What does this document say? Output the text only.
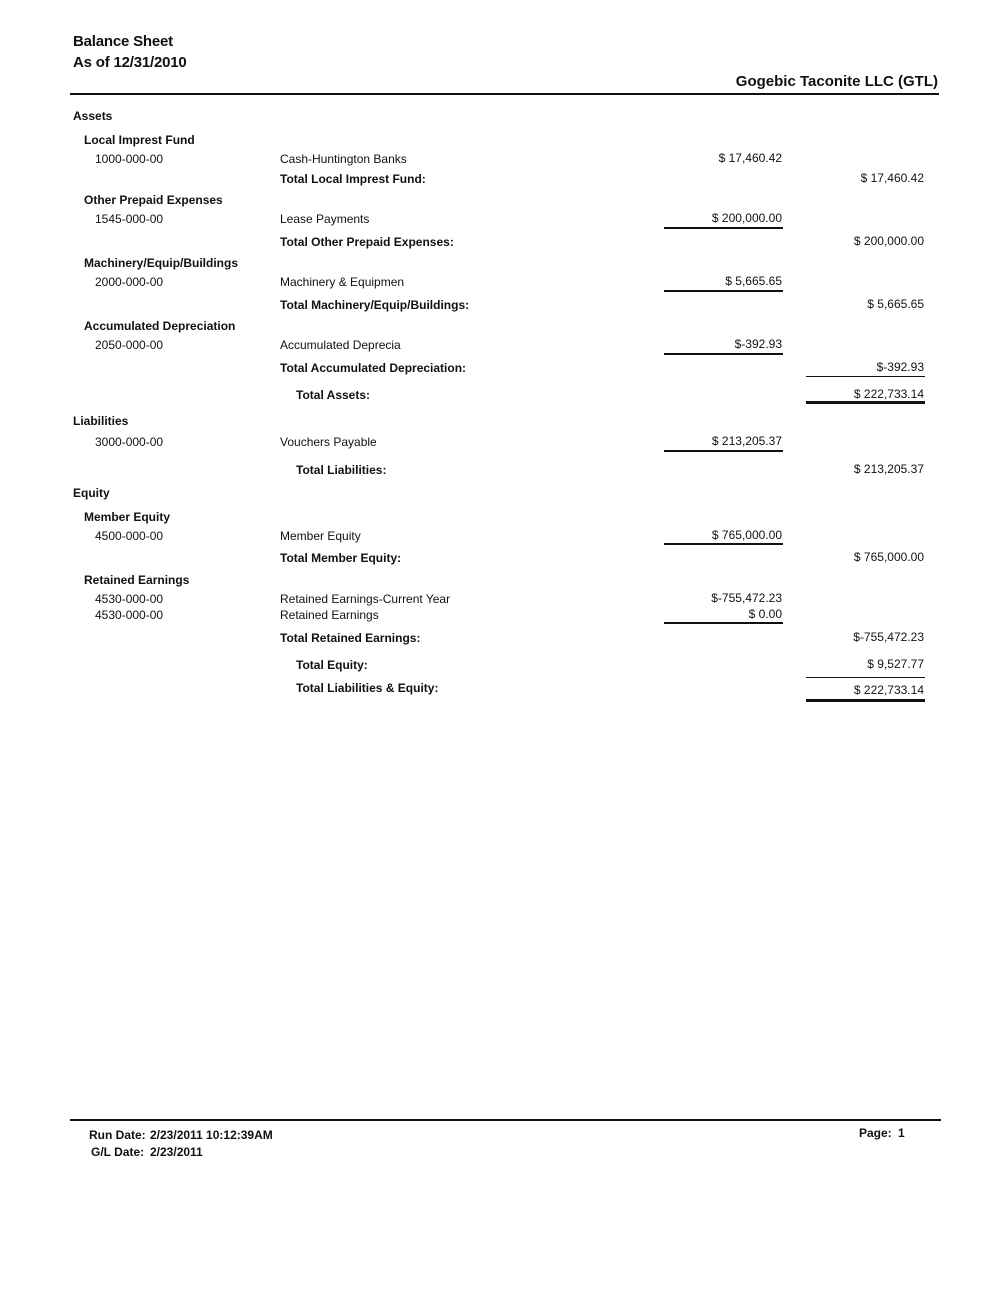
Balance Sheet
As of 12/31/2010
Gogebic Taconite LLC (GTL)
Assets
Local Imprest Fund
1000-000-00	Cash-Huntington Banks	$ 17,460.42
Total Local Imprest Fund:	$ 17,460.42
Other Prepaid Expenses
1545-000-00	Lease Payments	$ 200,000.00
Total Other Prepaid Expenses:	$ 200,000.00
Machinery/Equip/Buildings
2000-000-00	Machinery & Equipmen	$ 5,665.65
Total Machinery/Equip/Buildings:	$ 5,665.65
Accumulated Depreciation
2050-000-00	Accumulated Deprecia	$-392.93
Total Accumulated Depreciation:	$-392.93
Total Assets:	$ 222,733.14
Liabilities
3000-000-00	Vouchers Payable	$ 213,205.37
Total Liabilities:	$ 213,205.37
Equity
Member Equity
4500-000-00	Member Equity	$ 765,000.00
Total Member Equity:	$ 765,000.00
Retained Earnings
4530-000-00	Retained Earnings-Current Year	$-755,472.23
4530-000-00	Retained Earnings	$ 0.00
Total Retained Earnings:	$-755,472.23
Total Equity:	$ 9,527.77
Total Liabilities & Equity:	$ 222,733.14
Run Date: 2/23/2011 10:12:39AM
G/L Date: 2/23/2011
Page: 1
